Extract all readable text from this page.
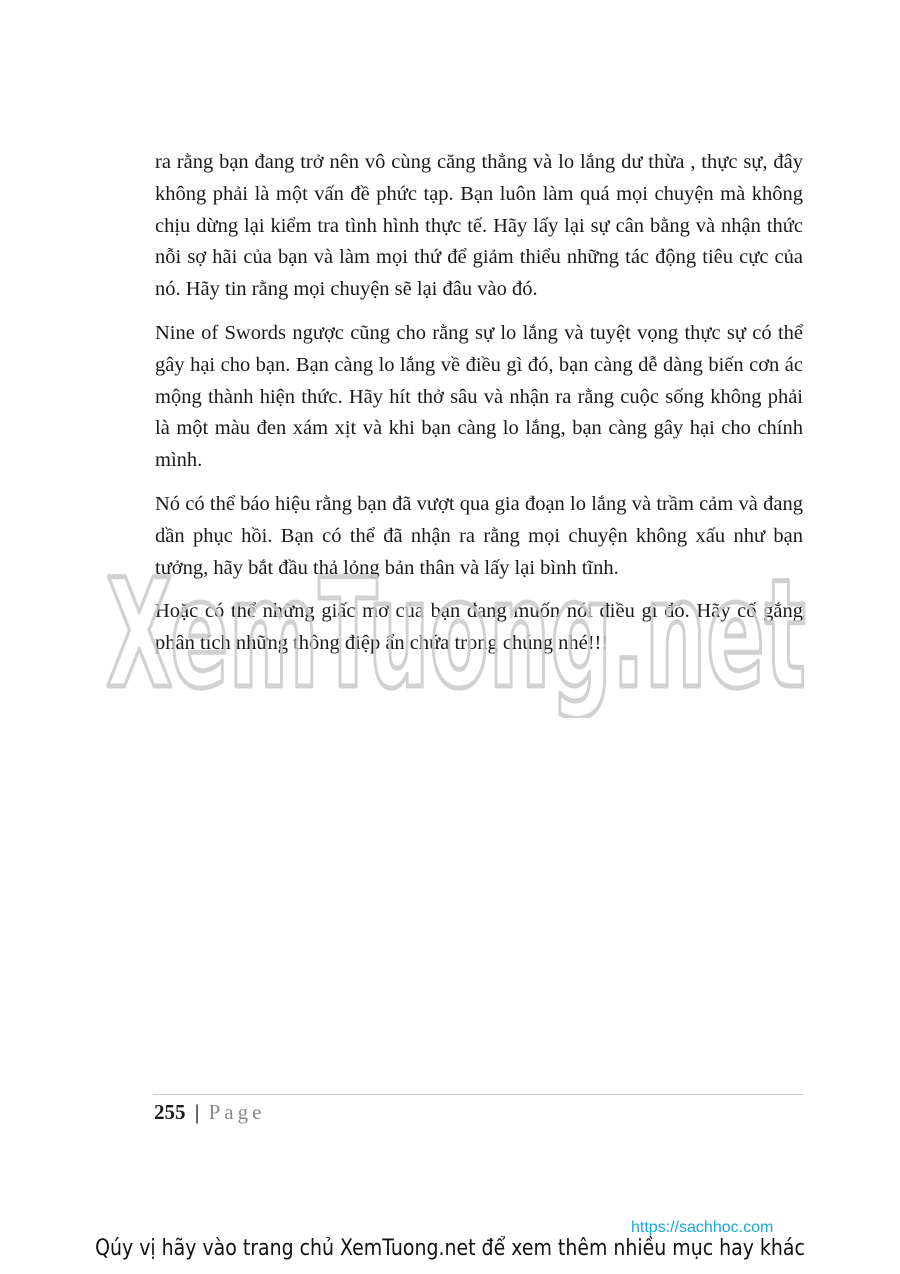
ra rằng bạn đang trở nên vô cùng căng thẳng và lo lắng dư thừa , thực sự, đây không phải là một vấn đề phức tạp. Bạn luôn làm quá mọi chuyện mà không chịu dừng lại kiểm tra tình hình thực tế. Hãy lấy lại sự cân bằng và nhận thức nỗi sợ hãi của bạn và làm mọi thứ để giảm thiểu những tác động tiêu cực của nó. Hãy tin rằng mọi chuyện sẽ lại đâu vào đó.

Nine of Swords ngược cũng cho rằng sự lo lắng và tuyệt vọng thực sự có thể gây hại cho bạn. Bạn càng lo lắng về điều gì đó, bạn càng dễ dàng biến cơn ác mộng thành hiện thức. Hãy hít thở sâu và nhận ra rằng cuộc sống không phải là một màu đen xám xịt và khi bạn càng lo lắng, bạn càng gây hại cho chính mình.

Nó có thể báo hiệu rằng bạn đã vượt qua gia đoạn lo lắng và trầm cảm và đang dần phục hồi. Bạn có thể đã nhận ra rằng mọi chuyện không xấu như bạn tưởng, hãy bắt đầu thả lỏng bản thân và lấy lại bình tĩnh.

Hoặc có thể những giấc mơ của bạn đang muốn nói điều gì đó. Hãy cố gắng phân tích những thông điệp ẩn chứa trong chúng nhé!!!

XemTuong.net
255 | Page
https://sachhoc.com
Qúy vị hãy vào trang chủ XemTuong.net để xem thêm nhiều mục hay khác
